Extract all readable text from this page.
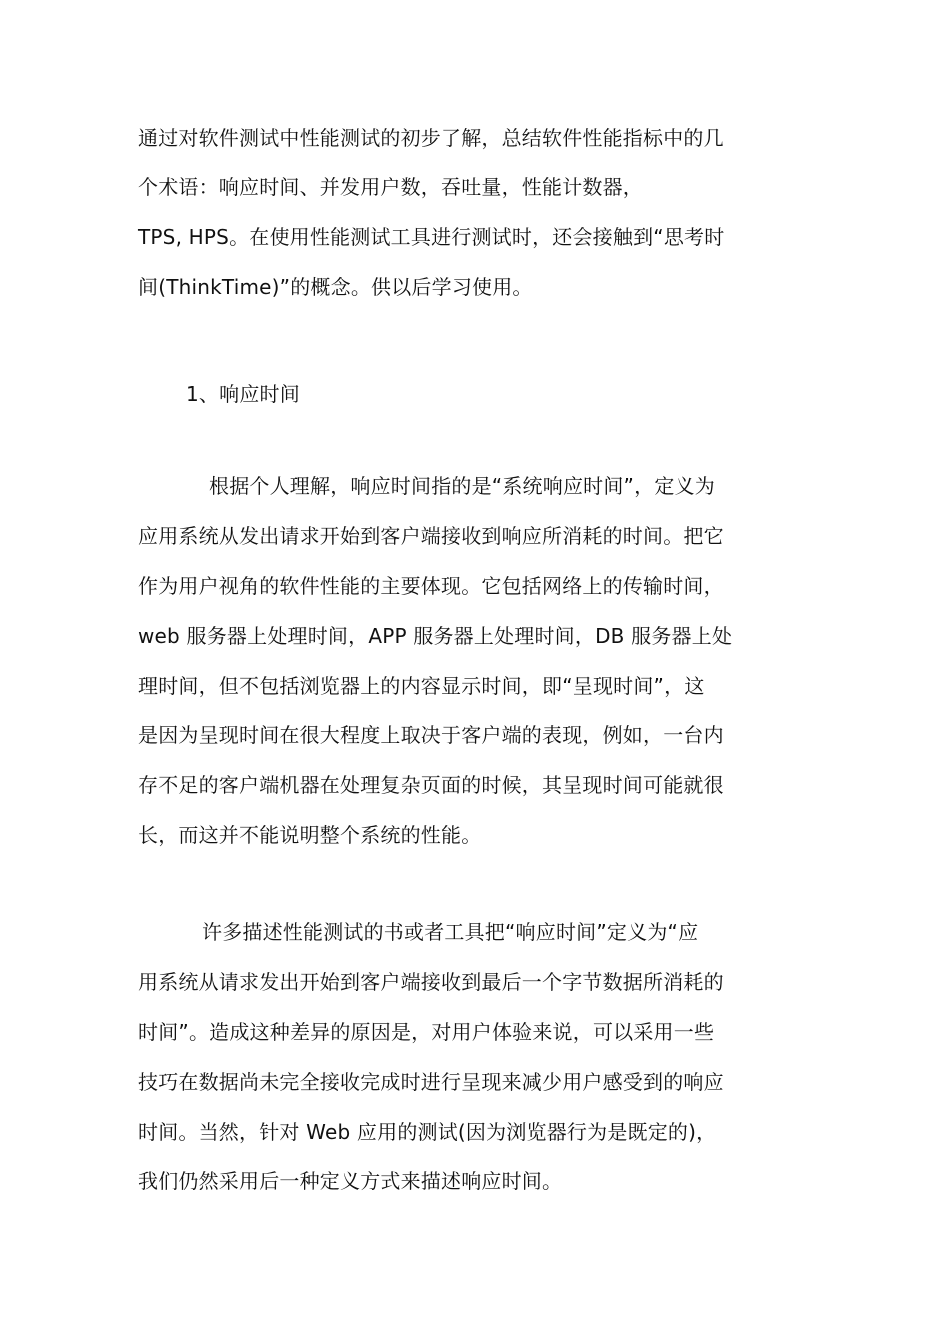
通过对软件测试中性能测试的初步了解，总结软件性能指标中的几
个术语：响应时间、并发用户数，吞吐量，性能计数器，
TPS, HPS。在使用性能测试工具进行测试时，还会接触到“思考时
间(ThinkTime)”的概念。供以后学习使用。
1、响应时间
根据个人理解，响应时间指的是“系统响应时间”，定义为
应用系统从发出请求开始到客户端接收到响应所消耗的时间。把它
作为用户视角的软件性能的主要体现。它包括网络上的传输时间，
web 服务器上处理时间，APP 服务器上处理时间，DB 服务器上处
理时间，但不包括浏览器上的内容显示时间，即“呈现时间”，这
是因为呈现时间在很大程度上取决于客户端的表现，例如，一台内
存不足的客户端机器在处理复杂页面的时候，其呈现时间可能就很
长，而这并不能说明整个系统的性能。
许多描述性能测试的书或者工具把“响应时间”定义为“应
用系统从请求发出开始到客户端接收到最后一个字节数据所消耗的
时间”。造成这种差异的原因是，对用户体验来说，可以采用一些
技巧在数据尚未完全接收完成时进行呈现来减少用户感受到的响应
时间。当然，针对 Web 应用的测试(因为浏览器行为是既定的)，
我们仍然采用后一种定义方式来描述响应时间。
